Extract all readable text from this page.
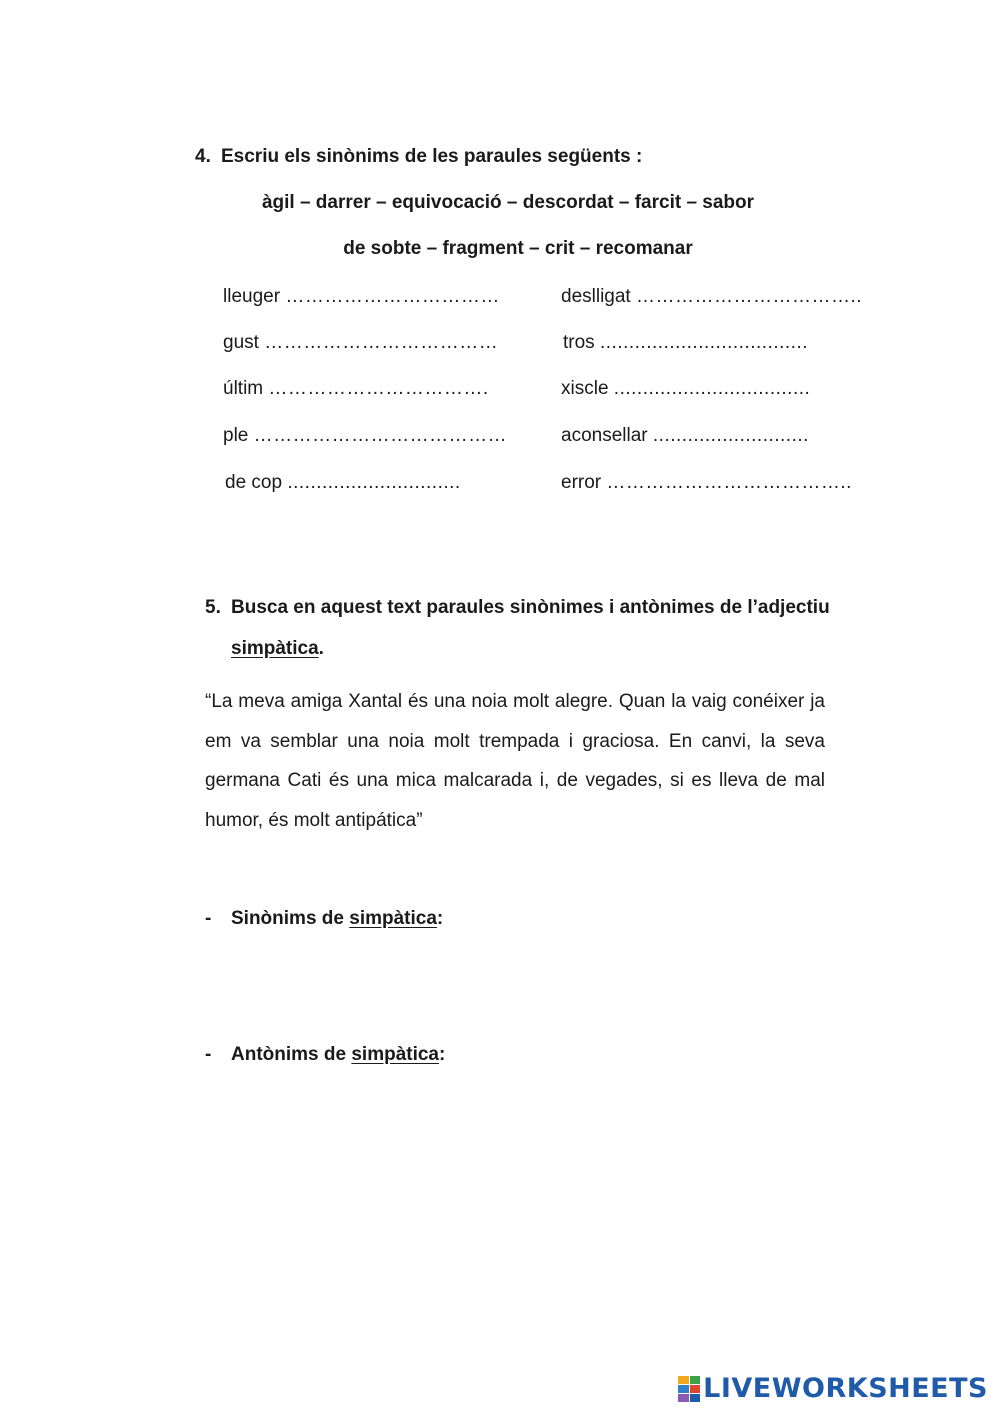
4. Escriu els sinònims de les paraules següents :
àgil – darrer – equivocació – descordat – farcit – sabor
de sobte – fragment – crit – recomanar
lleuger ……………………………
gust ………………………………
últim …………………………….
ple …………………………………
de cop ..............................
deslligat ……………………………..
tros ....................................
xiscle ..................................
aconsellar ...........................
error ………………………………..
5. Busca en aquest text paraules sinònimes i antònimes de l’adjectiu
simpàtica.
“La meva amiga Xantal és una noia molt alegre. Quan la vaig conéixer ja em va semblar una noia molt trempada i graciosa. En canvi, la seva germana Cati és una mica malcarada i, de vegades, si es lleva de mal humor, és molt antipática”
- Sinònims de simpàtica:
- Antònims de simpàtica:
LIVEWORKSHEETS
